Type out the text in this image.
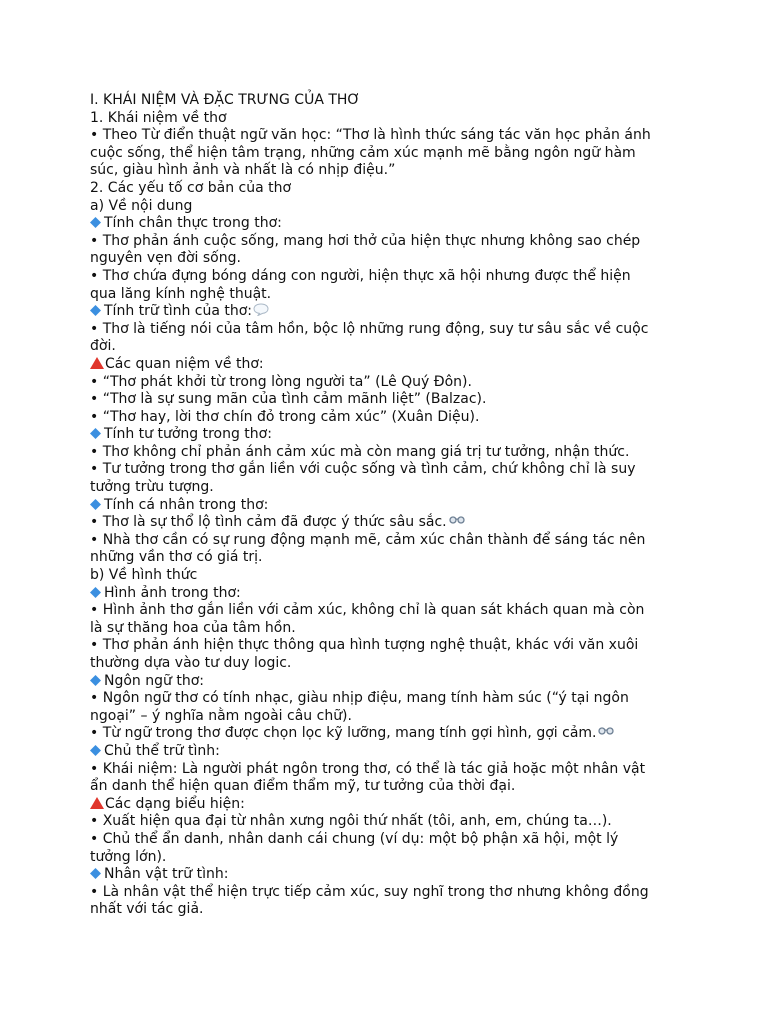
I. KHÁI NIỆM VÀ ĐẶC TRƯNG CỦA THƠ

1. Khái niệm về thơ

• Theo Từ điển thuật ngữ văn học: “Thơ là hình thức sáng tác văn học phản ánh

cuộc sống, thể hiện tâm trạng, những cảm xúc mạnh mẽ bằng ngôn ngữ hàm

súc, giàu hình ảnh và nhất là có nhịp điệu.”

2. Các yếu tố cơ bản của thơ

a) Về nội dung

Tính chân thực trong thơ:

• Thơ phản ánh cuộc sống, mang hơi thở của hiện thực nhưng không sao chép

nguyên vẹn đời sống.

• Thơ chứa đựng bóng dáng con người, hiện thực xã hội nhưng được thể hiện

qua lăng kính nghệ thuật.

Tính trữ tình của thơ:

• Thơ là tiếng nói của tâm hồn, bộc lộ những rung động, suy tư sâu sắc về cuộc

đời.

Các quan niệm về thơ:

• “Thơ phát khởi từ trong lòng người ta” (Lê Quý Đôn).

• “Thơ là sự sung mãn của tình cảm mãnh liệt” (Balzac).

• “Thơ hay, lời thơ chín đỏ trong cảm xúc” (Xuân Diệu).

Tính tư tưởng trong thơ:

• Thơ không chỉ phản ánh cảm xúc mà còn mang giá trị tư tưởng, nhận thức.

• Tư tưởng trong thơ gắn liền với cuộc sống và tình cảm, chứ không chỉ là suy

tưởng trừu tượng.

Tính cá nhân trong thơ:

• Thơ là sự thổ lộ tình cảm đã được ý thức sâu sắc.

• Nhà thơ cần có sự rung động mạnh mẽ, cảm xúc chân thành để sáng tác nên

những vần thơ có giá trị.

b) Về hình thức

Hình ảnh trong thơ:

• Hình ảnh thơ gắn liền với cảm xúc, không chỉ là quan sát khách quan mà còn

là sự thăng hoa của tâm hồn.

• Thơ phản ánh hiện thực thông qua hình tượng nghệ thuật, khác với văn xuôi

thường dựa vào tư duy logic.

Ngôn ngữ thơ:

• Ngôn ngữ thơ có tính nhạc, giàu nhịp điệu, mang tính hàm súc (“ý tại ngôn

ngoại” – ý nghĩa nằm ngoài câu chữ).

• Từ ngữ trong thơ được chọn lọc kỹ lưỡng, mang tính gợi hình, gợi cảm.

Chủ thể trữ tình:

• Khái niệm: Là người phát ngôn trong thơ, có thể là tác giả hoặc một nhân vật

ẩn danh thể hiện quan điểm thẩm mỹ, tư tưởng của thời đại.

Các dạng biểu hiện:

• Xuất hiện qua đại từ nhân xưng ngôi thứ nhất (tôi, anh, em, chúng ta…).

• Chủ thể ẩn danh, nhân danh cái chung (ví dụ: một bộ phận xã hội, một lý

tưởng lớn).

Nhân vật trữ tình:

• Là nhân vật thể hiện trực tiếp cảm xúc, suy nghĩ trong thơ nhưng không đồng

nhất với tác giả.
